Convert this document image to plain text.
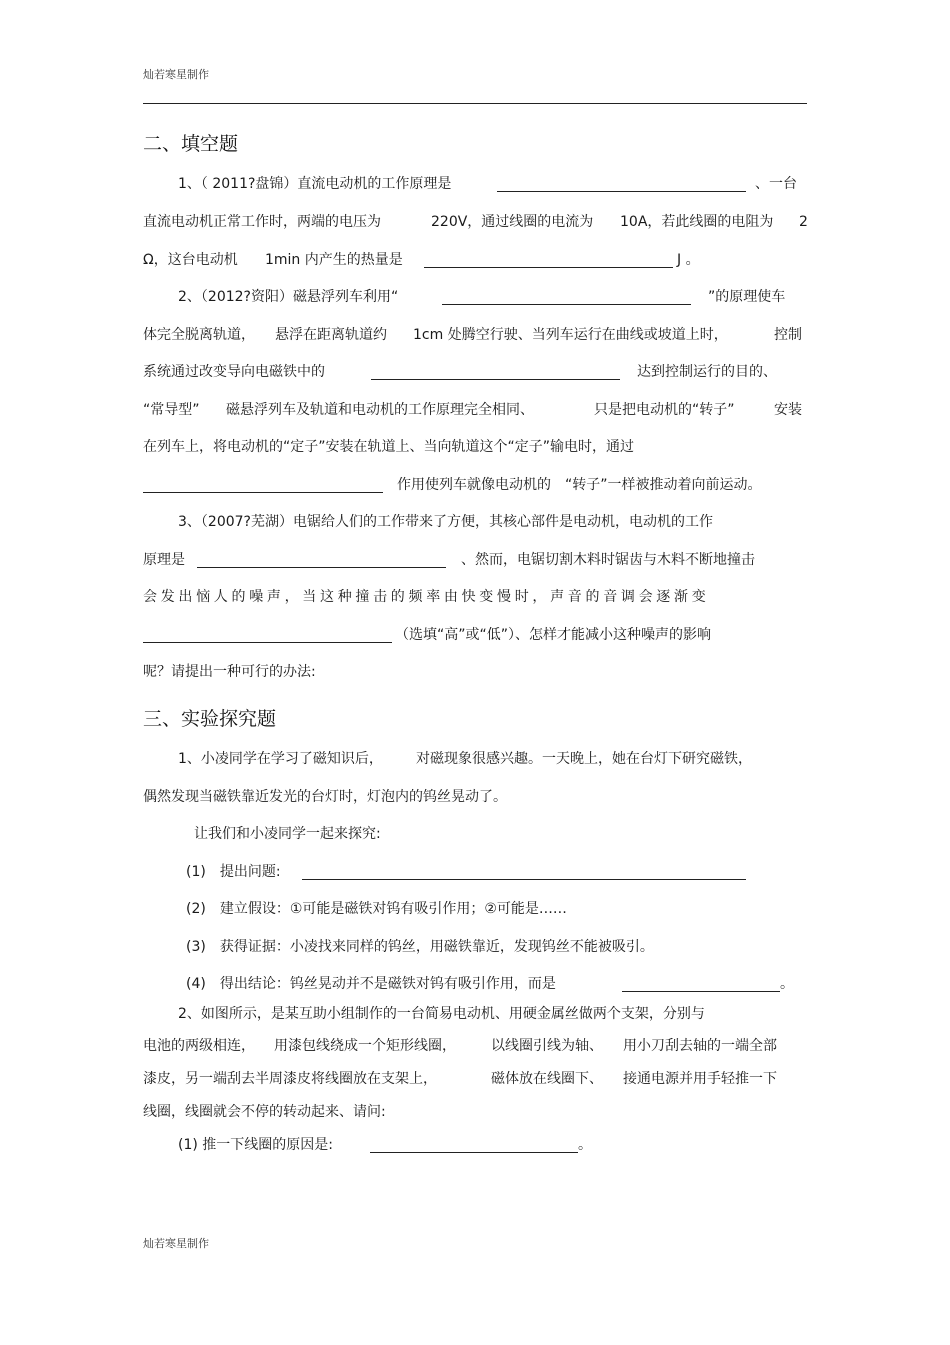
灿若寒星制作
二、填空题
1、（ 2011?盘锦）直流电动机的工作原理是	、一台
直流电动机正常工作时，两端的电压为	220V，通过线圈的电流为 10A，若此线圈的电阻为 2
Ω，这台电动机 1min 内产生的热量是	J 。
2、（2012?资阳）磁悬浮列车利用“	”的原理使车
体完全脱离轨道， 悬浮在距离轨道约 1cm 处腾空行驶、当列车运行在曲线或坡道上时，	控制
系统通过改变导向电磁铁中的	达到控制运行的目的、
“常导型” 磁悬浮列车及轨道和电动机的工作原理完全相同、	只是把电动机的“转子”	安装
在列车上，将电动机的“定子”安装在轨道上、当向轨道这个“定子”输电时，通过
作用使列车就像电动机的　“转子”一样被推动着向前运动。
3、（2007?芜湖）电锯给人们的工作带来了方便，其核心部件是电动机，电动机的工作
原理是	、然而，电锯切割木料时锯齿与木料不断地撞击
会发出恼人的噪声，当这种撞击的频率由快变慢时，声音的音调会逐渐变
（选填“高”或“低”）、怎样才能减小这种噪声的影响
呢？请提出一种可行的办法:
三、实验探究题
1、小凌同学在学习了磁知识后， 对磁现象很感兴趣。一天晚上，她在台灯下研究磁铁，
偶然发现当磁铁靠近发光的台灯时，灯泡内的钨丝晃动了。
让我们和小凌同学一起来探究:
(1)　提出问题:
(2)　建立假设：①可能是磁铁对钨有吸引作用；②可能是……
(3)　获得证据：小凌找来同样的钨丝，用磁铁靠近，发现钨丝不能被吸引。
(4)　得出结论：钨丝晃动并不是磁铁对钨有吸引作用，而是	。
2、如图所示，是某互助小组制作的一台简易电动机、用硬金属丝做两个支架，分别与
电池的两级相连， 用漆包线绕成一个矩形线圈，	以线圈引线为轴、 用小刀刮去轴的一端全部
漆皮，另一端刮去半周漆皮将线圈放在支架上，	磁体放在线圈下、 接通电源并用手轻推一下
线圈，线圈就会不停的转动起来、请问:
(1) 推一下线圈的原因是:	。
灿若寒星制作
